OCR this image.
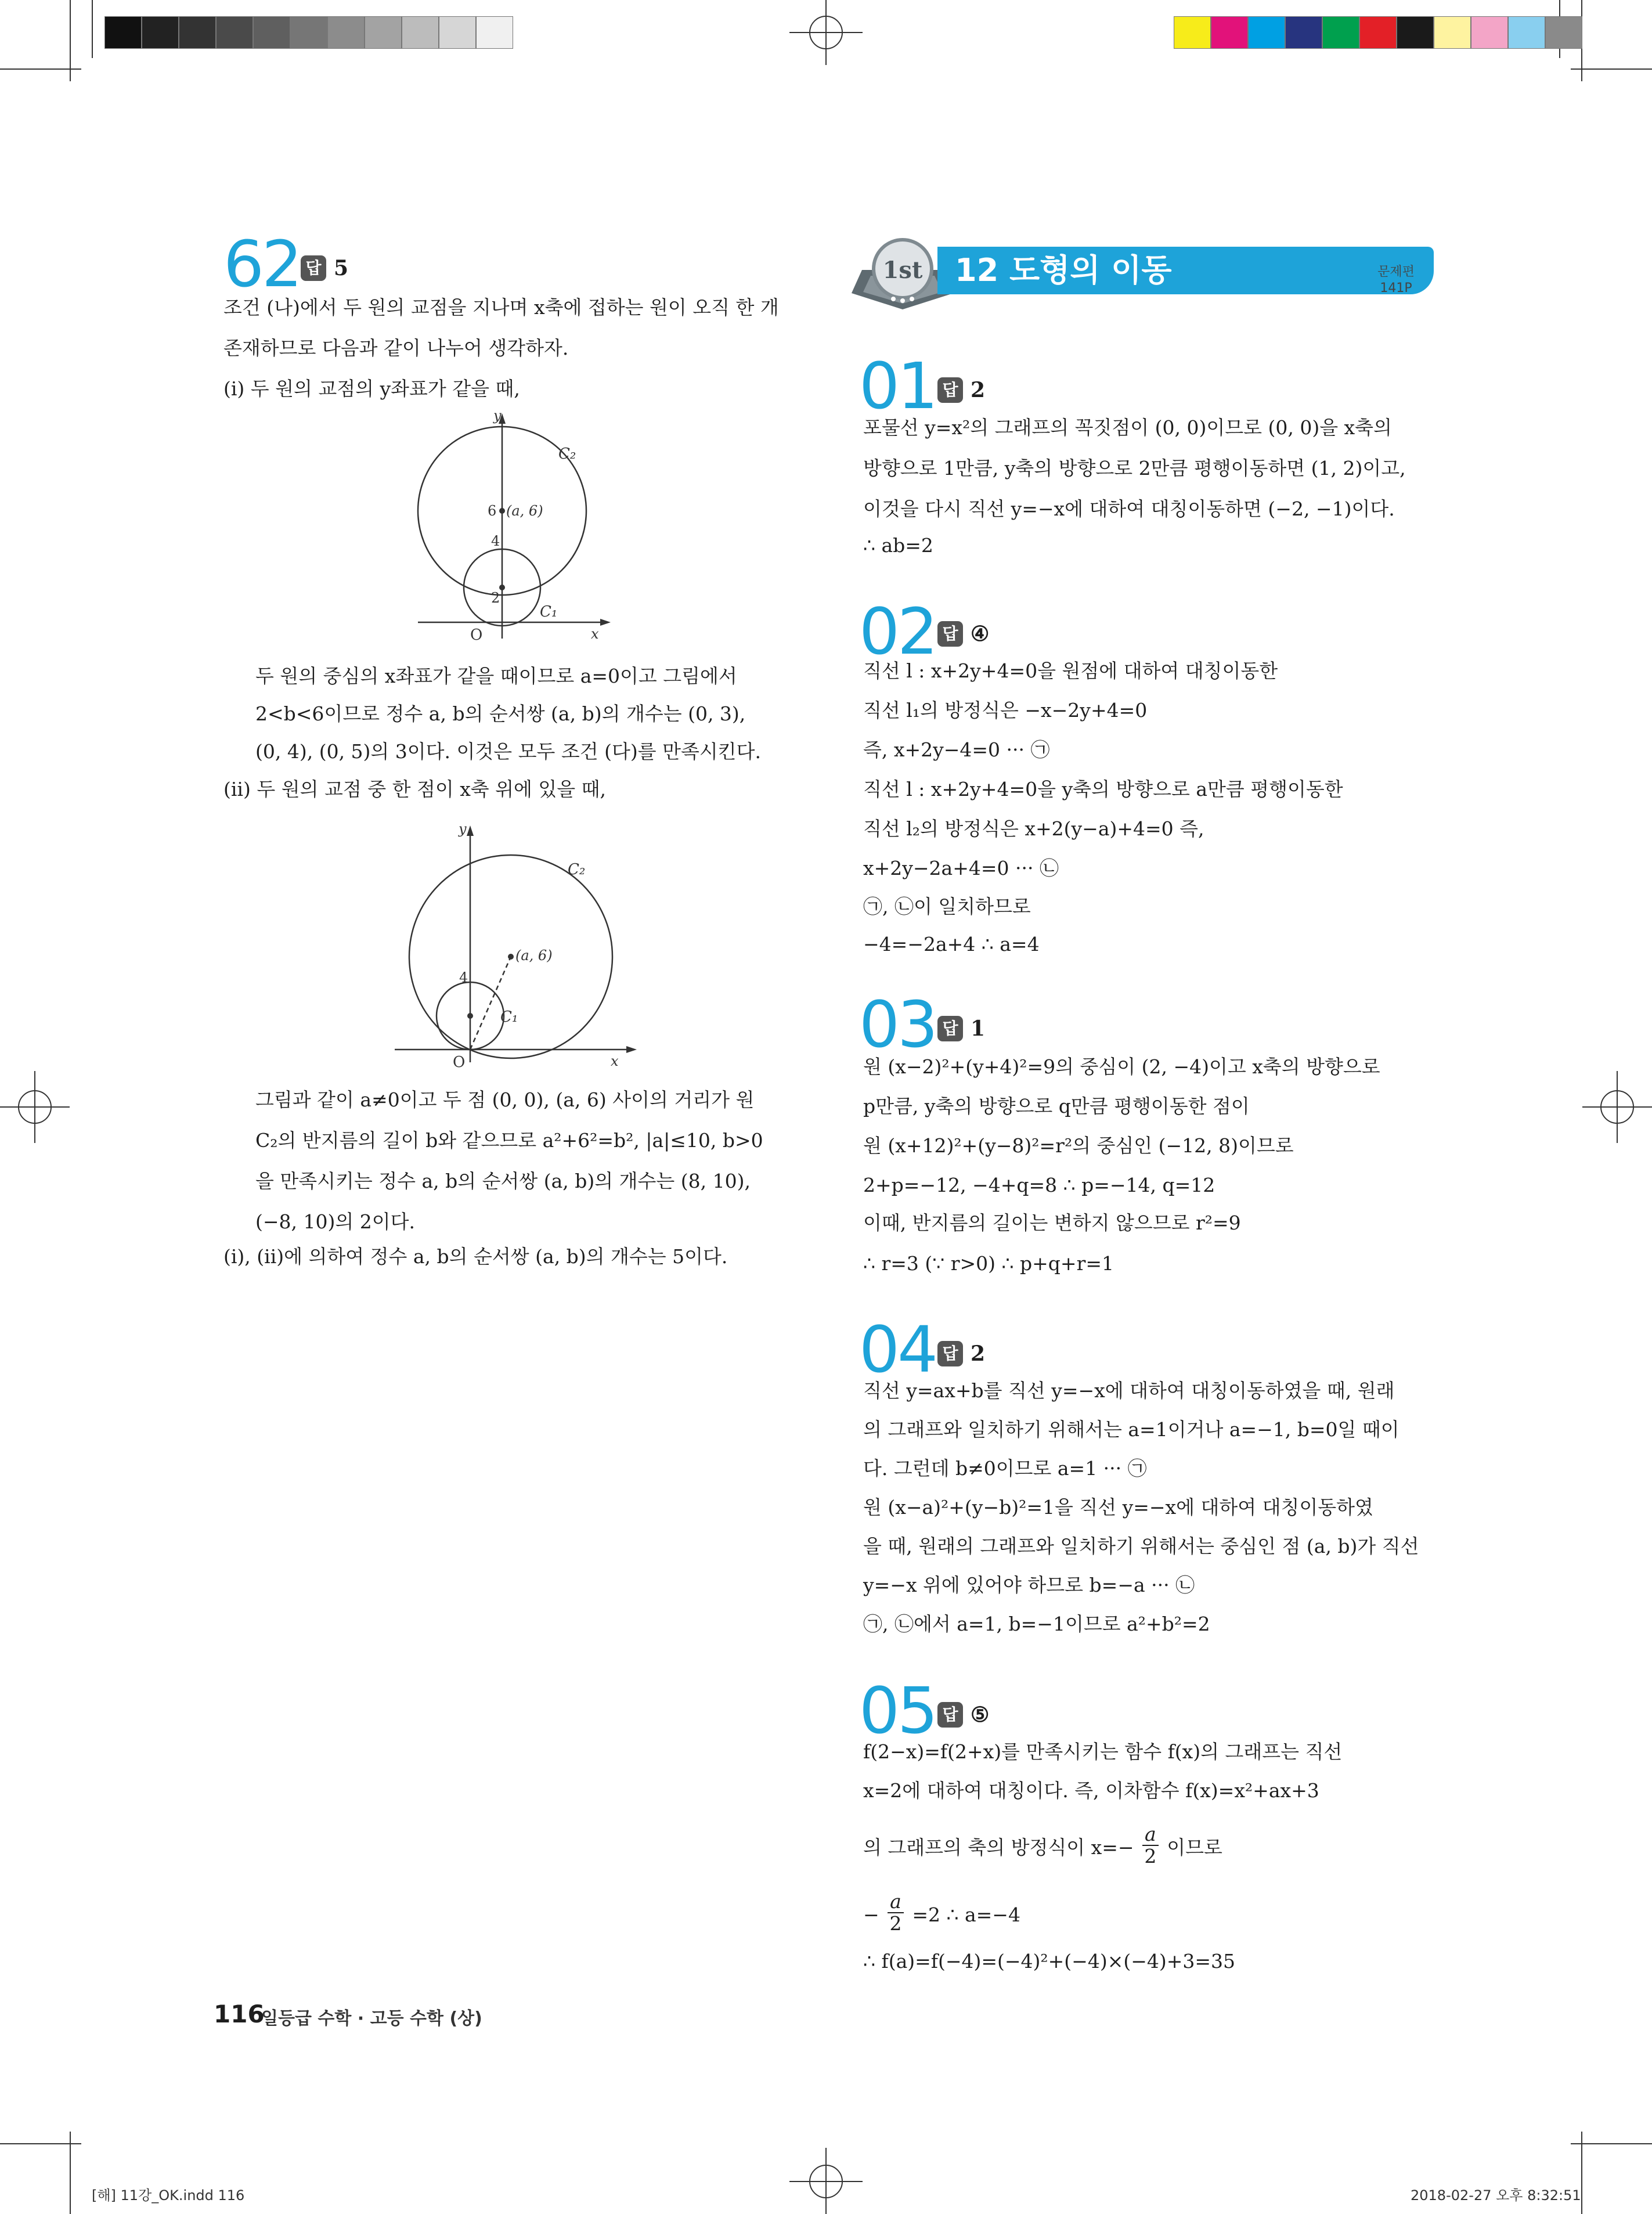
1st 12 도형의 이동	문제편
141P
62 답 5
조건 (나)에서 두 원의 교점을 지나며 x축에 접하는 원이 오직 한 개
존재하므로 다음과 같이 나누어 생각하자.
(ⅰ) 두 원의 교점의 y좌표가 같을 때,
y
x
O
C₂
C₁
6 (a, 6)
4
2
두 원의 중심의 x좌표가 같을 때이므로 a=0이고 그림에서
2<b<6이므로 정수 a, b의 순서쌍 (a, b)의 개수는 (0, 3),
(0, 4), (0, 5)의 3이다. 이것은 모두 조건 (다)를 만족시킨다.
(ⅱ) 두 원의 교점 중 한 점이 x축 위에 있을 때,
y
x
O
C₂
C₁
(a, 6)
4
그림과 같이 a≠0이고 두 점 (0, 0), (a, 6) 사이의 거리가 원
C₂의 반지름의 길이 b와 같으므로 a²+6²=b², |a|≤10, b>0
을 만족시키는 정수 a, b의 순서쌍 (a, b)의 개수는 (8, 10),
(−8, 10)의 2이다.
(ⅰ), (ⅱ)에 의하여 정수 a, b의 순서쌍 (a, b)의 개수는 5이다.
01 답 2
포물선 y=x²의 그래프의 꼭짓점이 (0, 0)이므로 (0, 0)을 x축의
방향으로 1만큼, y축의 방향으로 2만큼 평행이동하면 (1, 2)이고,
이것을 다시 직선 y=−x에 대하여 대칭이동하면 (−2, −1)이다.
∴ ab=2
02 답 ④
직선 l : x+2y+4=0을 원점에 대하여 대칭이동한
직선 l₁의 방정식은 −x−2y+4=0
즉, x+2y−4=0 ··· ㉠
직선 l : x+2y+4=0을 y축의 방향으로 a만큼 평행이동한
직선 l₂의 방정식은 x+2(y−a)+4=0 즉,
x+2y−2a+4=0 ··· ㉡
㉠, ㉡이 일치하므로
−4=−2a+4 ∴ a=4
03 답 1
원 (x−2)²+(y+4)²=9의 중심이 (2, −4)이고 x축의 방향으로
p만큼, y축의 방향으로 q만큼 평행이동한 점이
원 (x+12)²+(y−8)²=r²의 중심인 (−12, 8)이므로
2+p=−12, −4+q=8 ∴ p=−14, q=12
이때, 반지름의 길이는 변하지 않으므로 r²=9
∴ r=3 (∵ r>0) ∴ p+q+r=1
04 답 2
직선 y=ax+b를 직선 y=−x에 대하여 대칭이동하였을 때, 원래
의 그래프와 일치하기 위해서는 a=1이거나 a=−1, b=0일 때이
다. 그런데 b≠0이므로 a=1 ··· ㉠
원 (x−a)²+(y−b)²=1을 직선 y=−x에 대하여 대칭이동하였
을 때, 원래의 그래프와 일치하기 위해서는 중심인 점 (a, b)가 직선
y=−x 위에 있어야 하므로 b=−a ··· ㉡
㉠, ㉡에서 a=1, b=−1이므로 a²+b²=2
05 답 ⑤
f(2−x)=f(2+x)를 만족시키는 함수 f(x)의 그래프는 직선
x=2에 대하여 대칭이다. 즉, 이차함수 f(x)=x²+ax+3
의 그래프의 축의 방정식이 $x=- \frac{a}{2}$ 이므로
− $\frac{a}{2} =2$ ∴ a=−4
∴ f(a)=f(−4)=(−4)²+(−4)×(−4)+3=35
116
일등급 수학 · 고등 수학 (상)
[해] 11강_OK.indd 116	2018-02-27 오후 8:32:51
